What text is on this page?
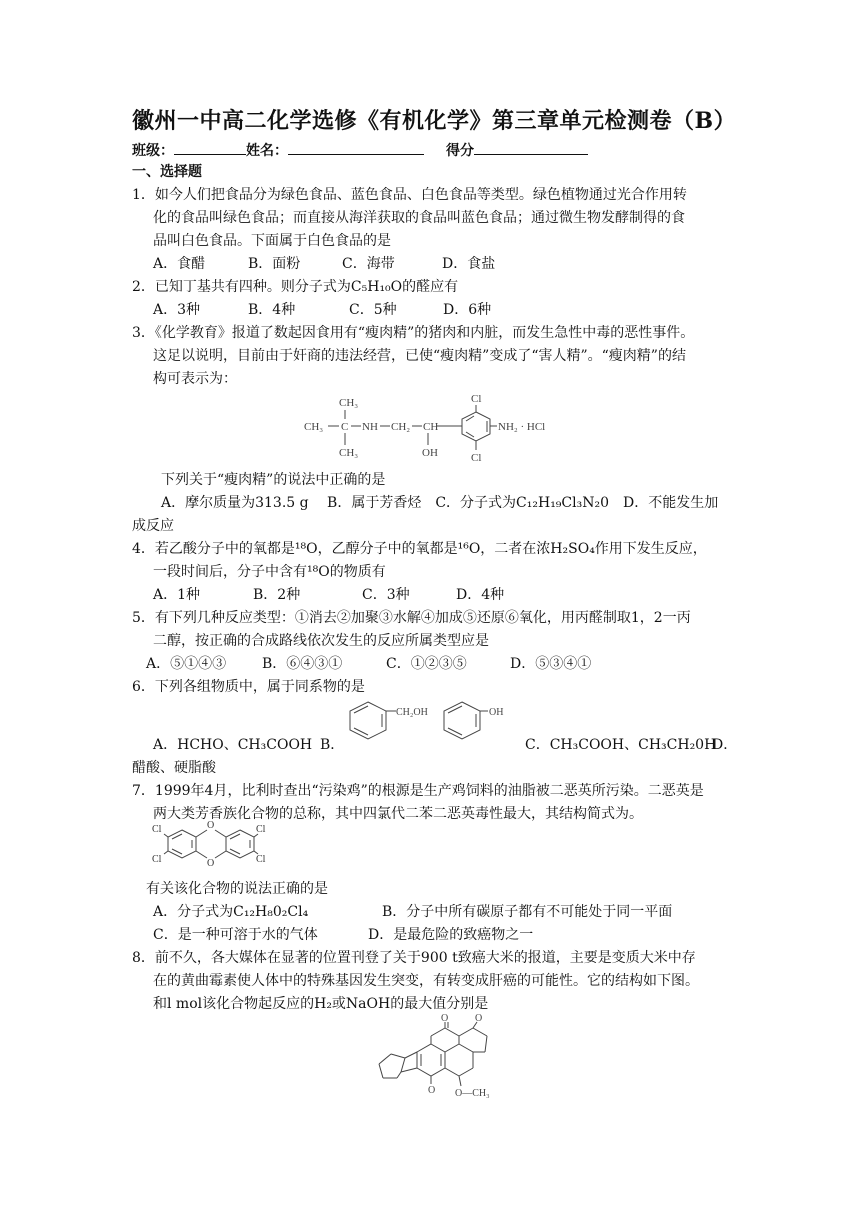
徽州一中高二化学选修《有机化学》第三章单元检测卷（B）
班级：	姓名：	得分
一、选择题
1．如今人们把食品分为绿色食品、蓝色食品、白色食品等类型。绿色植物通过光合作用转
化的食品叫绿色食品；而直接从海洋获取的食品叫蓝色食品；通过微生物发酵制得的食
品叫白色食品。下面属于白色食品的是
A．食醋	B．面粉	C．海带	D．食盐
2．已知丁基共有四种。则分子式为C₅H₁₀O的醛应有
A．3种	B．4种	C．5种	D．6种
3．《化学教育》报道了数起因食用有“瘦肉精”的猪肉和内脏，而发生急性中毒的恶性事件。
这足以说明，目前由于奸商的违法经营，已使“瘦肉精”变成了“害人精”。“瘦肉精”的结
构可表示为：
CH₃
CH₃ C NH CH₂ CH
OH
CH₃
Cl
Cl
NH₂ · HCl
下列关于“瘦肉精”的说法中正确的是
A．摩尔质量为313.5 g　 B．属于芳香烃　C．分子式为C₁₂H₁₉Cl₃N₂0　D．不能发生加
成反应
4．若乙酸分子中的氧都是¹⁸O，乙醇分子中的氧都是¹⁶O，二者在浓H₂SO₄作用下发生反应，
一段时间后，分子中含有¹⁸O的物质有
A．1种	B．2种	C．3种	D．4种
5．有下列几种反应类型：①消去②加聚③水解④加成⑤还原⑥氧化，用丙醛制取1，2一丙
二醇，按正确的合成路线依次发生的反应所属类型应是
A．⑤①④③	B．⑥④③①	C．①②③⑤	D．⑤③④①
6．下列各组物质中，属于同系物的是
CH₂OH	OH
A．HCHO、CH₃COOH B．	C．CH₃COOH、CH₃CH₂0H
D．
醋酸、硬脂酸
7．1999年4月，比利时查出“污染鸡”的根源是生产鸡饲料的油脂被二恶英所污染。二恶英是
两大类芳香族化合物的总称，其中四氯代二苯二恶英毒性最大，其结构简式为。
Cl
Cl
Cl
Cl
O
O
有关该化合物的说法正确的是
A．分子式为C₁₂H₈0₂Cl₄	B．分子中所有碳原子都有不可能处于同一平面
C．是一种可溶于水的气体	D．是最危险的致癌物之一
8．前不久，各大媒体在显著的位置刊登了关于900 t致癌大米的报道，主要是变质大米中存
在的黄曲霉素使人体中的特殊基因发生突变，有转变成肝癌的可能性。它的结构如下图。
和l mol该化合物起反应的H₂或NaOH的最大值分别是
O	O
O O—CH₃
